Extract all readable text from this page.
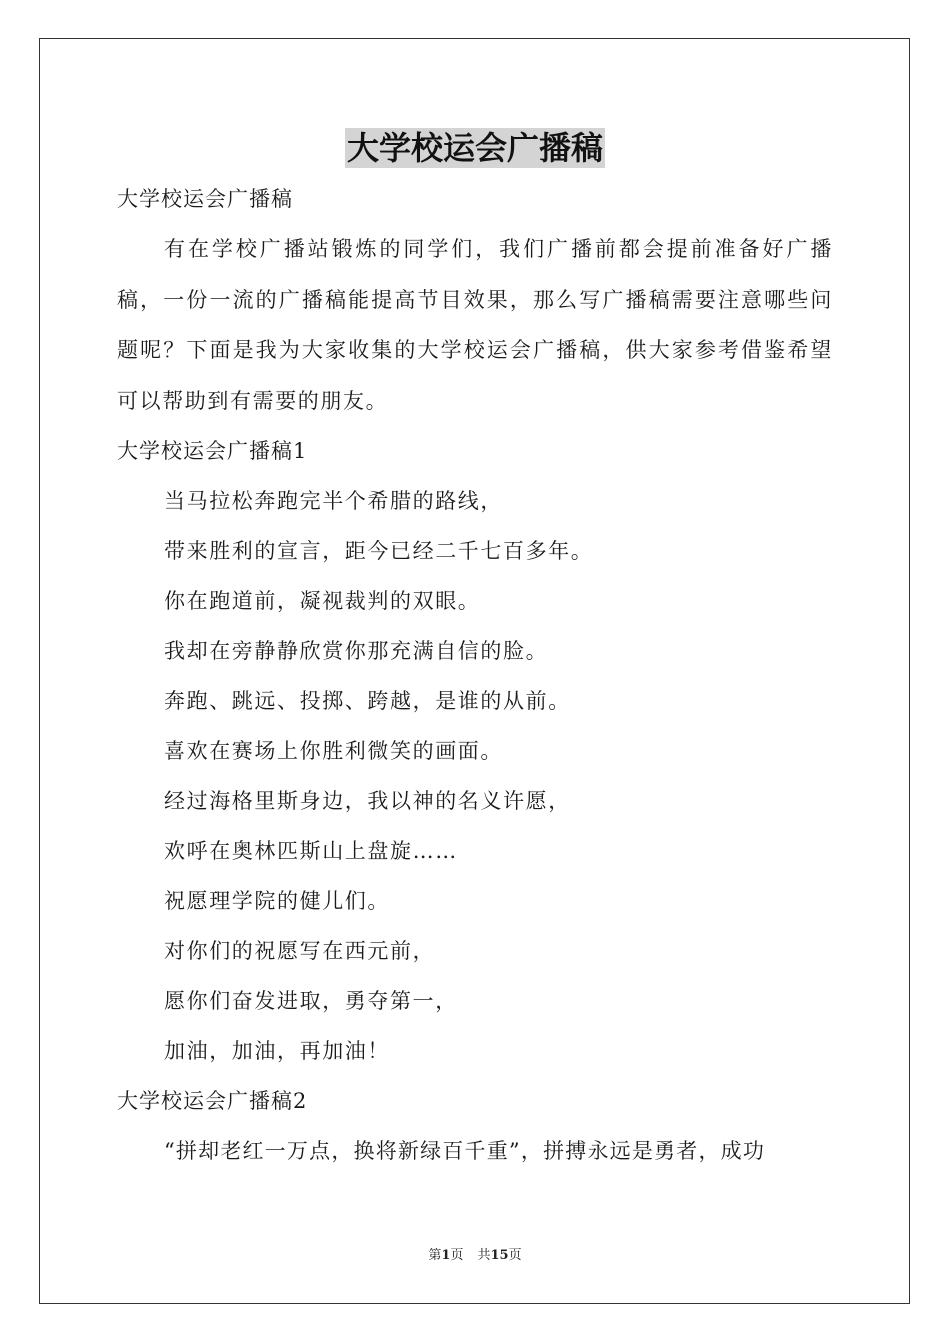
大学校运会广播稿
大学校运会广播稿
有在学校广播站锻炼的同学们，我们广播前都会提前准备好广播稿，一份一流的广播稿能提高节目效果，那么写广播稿需要注意哪些问题呢？下面是我为大家收集的大学校运会广播稿，供大家参考借鉴希望可以帮助到有需要的朋友。
大学校运会广播稿1
当马拉松奔跑完半个希腊的路线，
带来胜利的宣言，距今已经二千七百多年。
你在跑道前，凝视裁判的双眼。
我却在旁静静欣赏你那充满自信的脸。
奔跑、跳远、投掷、跨越，是谁的从前。
喜欢在赛场上你胜利微笑的画面。
经过海格里斯身边，我以神的名义许愿，
欢呼在奥林匹斯山上盘旋……
祝愿理学院的健儿们。
对你们的祝愿写在西元前，
愿你们奋发进取，勇夺第一，
加油，加油，再加油！
大学校运会广播稿2
“拼却老红一万点，换将新绿百千重”，拼搏永远是勇者，成功
第1页 共15页
